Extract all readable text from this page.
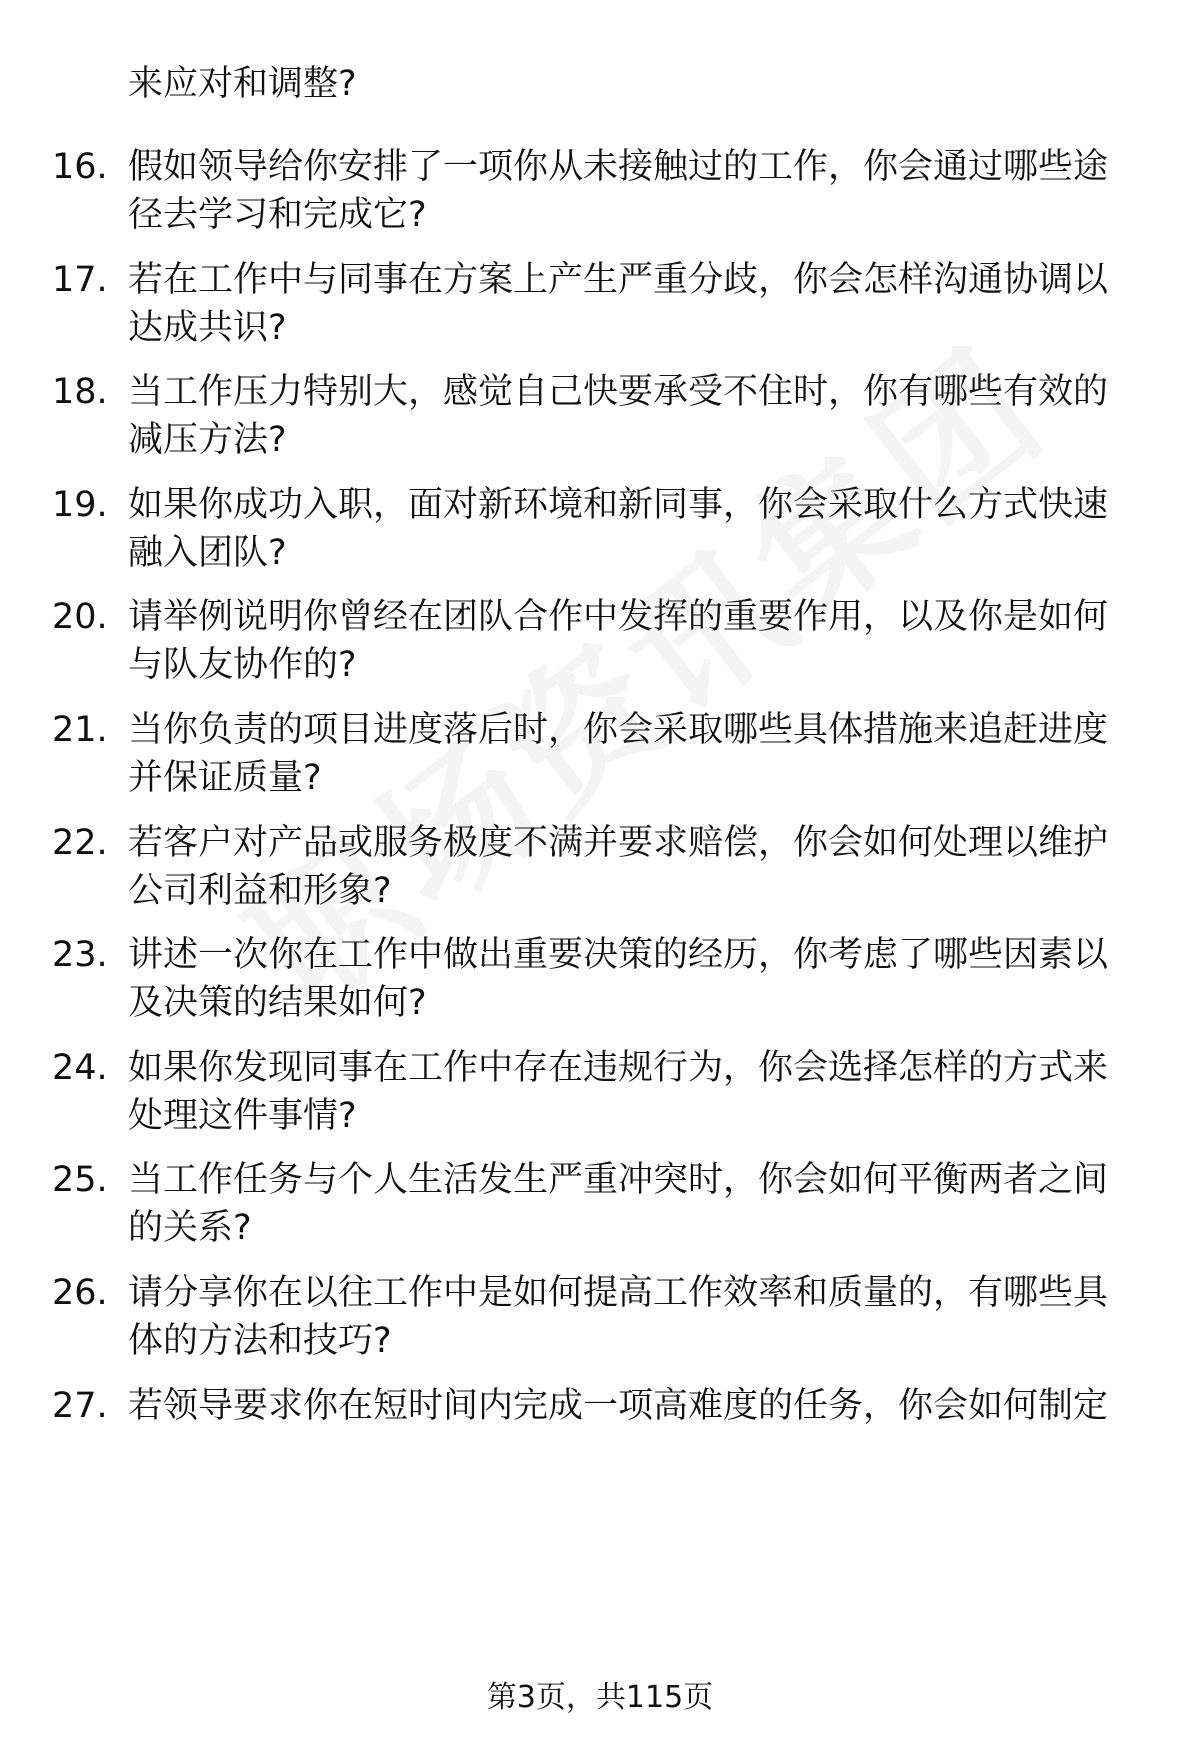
来应对和调整?
16. 假如领导给你安排了一项你从未接触过的工作，你会通过哪些途径去学习和完成它?
17. 若在工作中与同事在方案上产生严重分歧，你会怎样沟通协调以达成共识?
18. 当工作压力特别大，感觉自己快要承受不住时，你有哪些有效的减压方法?
19. 如果你成功入职，面对新环境和新同事，你会采取什么方式快速融入团队?
20. 请举例说明你曾经在团队合作中发挥的重要作用，以及你是如何与队友协作的?
21. 当你负责的项目进度落后时，你会采取哪些具体措施来追赶进度并保证质量?
22. 若客户对产品或服务极度不满并要求赔偿，你会如何处理以维护公司利益和形象?
23. 讲述一次你在工作中做出重要决策的经历，你考虑了哪些因素以及决策的结果如何?
24. 如果你发现同事在工作中存在违规行为，你会选择怎样的方式来处理这件事情?
25. 当工作任务与个人生活发生严重冲突时，你会如何平衡两者之间的关系?
26. 请分享你在以往工作中是如何提高工作效率和质量的，有哪些具体的方法和技巧?
27. 若领导要求你在短时间内完成一项高难度的任务，你会如何制定
第3页，共115页
